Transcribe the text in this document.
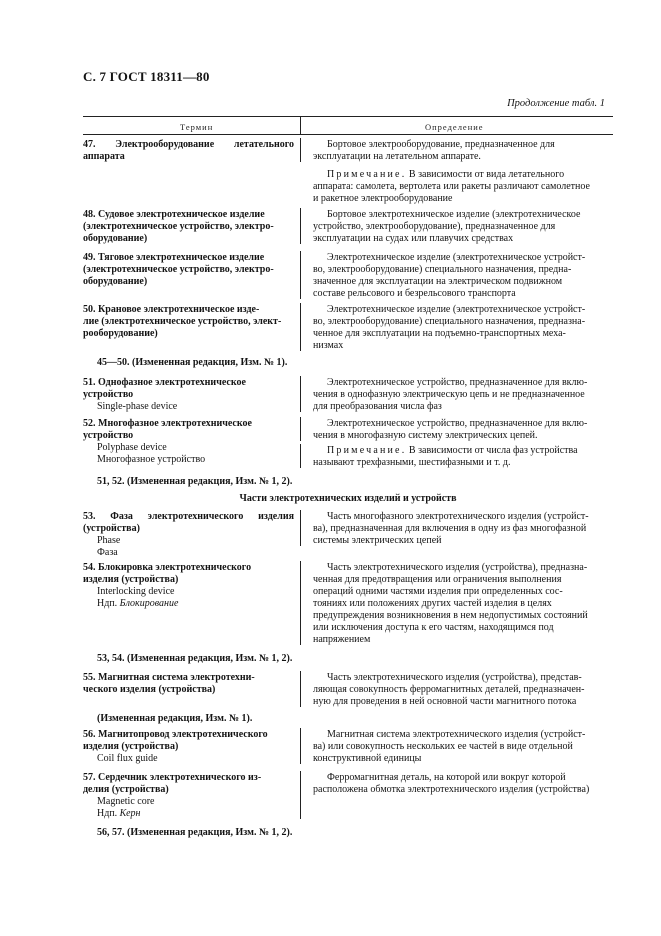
С. 7 ГОСТ 18311—80
Продолжение табл. 1
Термин	Определение
47. Электрооборудование летательного
аппарата
Бортовое электрооборудование, предназначенное для
эксплуатации на летательном аппарате.
Примечание. В зависимости от вида летательного
аппарата: самолета, вертолета или ракеты различают самолетное
и ракетное электрооборудование
48. Судовое электротехническое изделие
(электротехническое устройство, электро-
оборудование)
Бортовое электротехническое изделие (электротехническое
устройство, электрооборудование), предназначенное для
эксплуатации на судах или плавучих средствах
49. Тяговое электротехническое изделие
(электротехническое устройство, электро-
оборудование)
Электротехническое изделие (электротехническое устройст-
во, электрооборудование) специального назначения, предна-
значенное для эксплуатации на электрическом подвижном
составе рельсового и безрельсового транспорта
50. Крановое электротехническое изде-
лие (электротехническое устройство, элект-
рооборудование)
Электротехническое изделие (электротехническое устройст-
во, электрооборудование) специального назначения, предназна-
ченное для эксплуатации на подъемно-транспортных меха-
низмах
45—50. (Измененная редакция, Изм. № 1).
51. Однофазное электротехническое
устройство
Single-phase device
Электротехническое устройство, предназначенное для вклю-
чения в однофазную электрическую цепь и не предназначенное
для преобразования числа фаз
52. Многофазное электротехническое
устройство
Polyphase device
Многофазное устройство
Электротехническое устройство, предназначенное для вклю-
чения в многофазную систему электрических цепей.
Примечание. В зависимости от числа фаз устройства
называют трехфазными, шестифазными и т. д.
51, 52. (Измененная редакция, Изм. № 1, 2).
Части электротехнических изделий и устройств
53. Фаза электротехнического изделия
(устройства)
Phase
Фаза
Часть многофазного электротехнического изделия (устройст-
ва), предназначенная для включения в одну из фаз многофазной
системы электрических цепей
54. Блокировка электротехнического
изделия (устройства)
Interlocking device
Ндп. Блокирование
Часть электротехнического изделия (устройства), предназна-
ченная для предотвращения или ограничения выполнения
операций одними частями изделия при определенных сос-
тояниях или положениях других частей изделия в целях
предупреждения возникновения в нем недопустимых состояний
или исключения доступа к его частям, находящимся под
напряжением
53, 54. (Измененная редакция, Изм. № 1, 2).
55. Магнитная система электротехни-
ческого изделия (устройства)
Часть электротехнического изделия (устройства), представ-
ляющая совокупность ферромагнитных деталей, предназначен-
ную для проведения в ней основной части магнитного потока
(Измененная редакция, Изм. № 1).
56. Магнитопровод электротехнического
изделия (устройства)
Coil flux guide
Магнитная система электротехнического изделия (устройст-
ва) или совокупность нескольких ее частей в виде отдельной
конструктивной единицы
57. Сердечник электротехнического из-
делия (устройства)
Magnetic core
Ндп. Керн
Ферромагнитная деталь, на которой или вокруг которой
расположена обмотка электротехнического изделия (устройства)
56, 57. (Измененная редакция, Изм. № 1, 2).
